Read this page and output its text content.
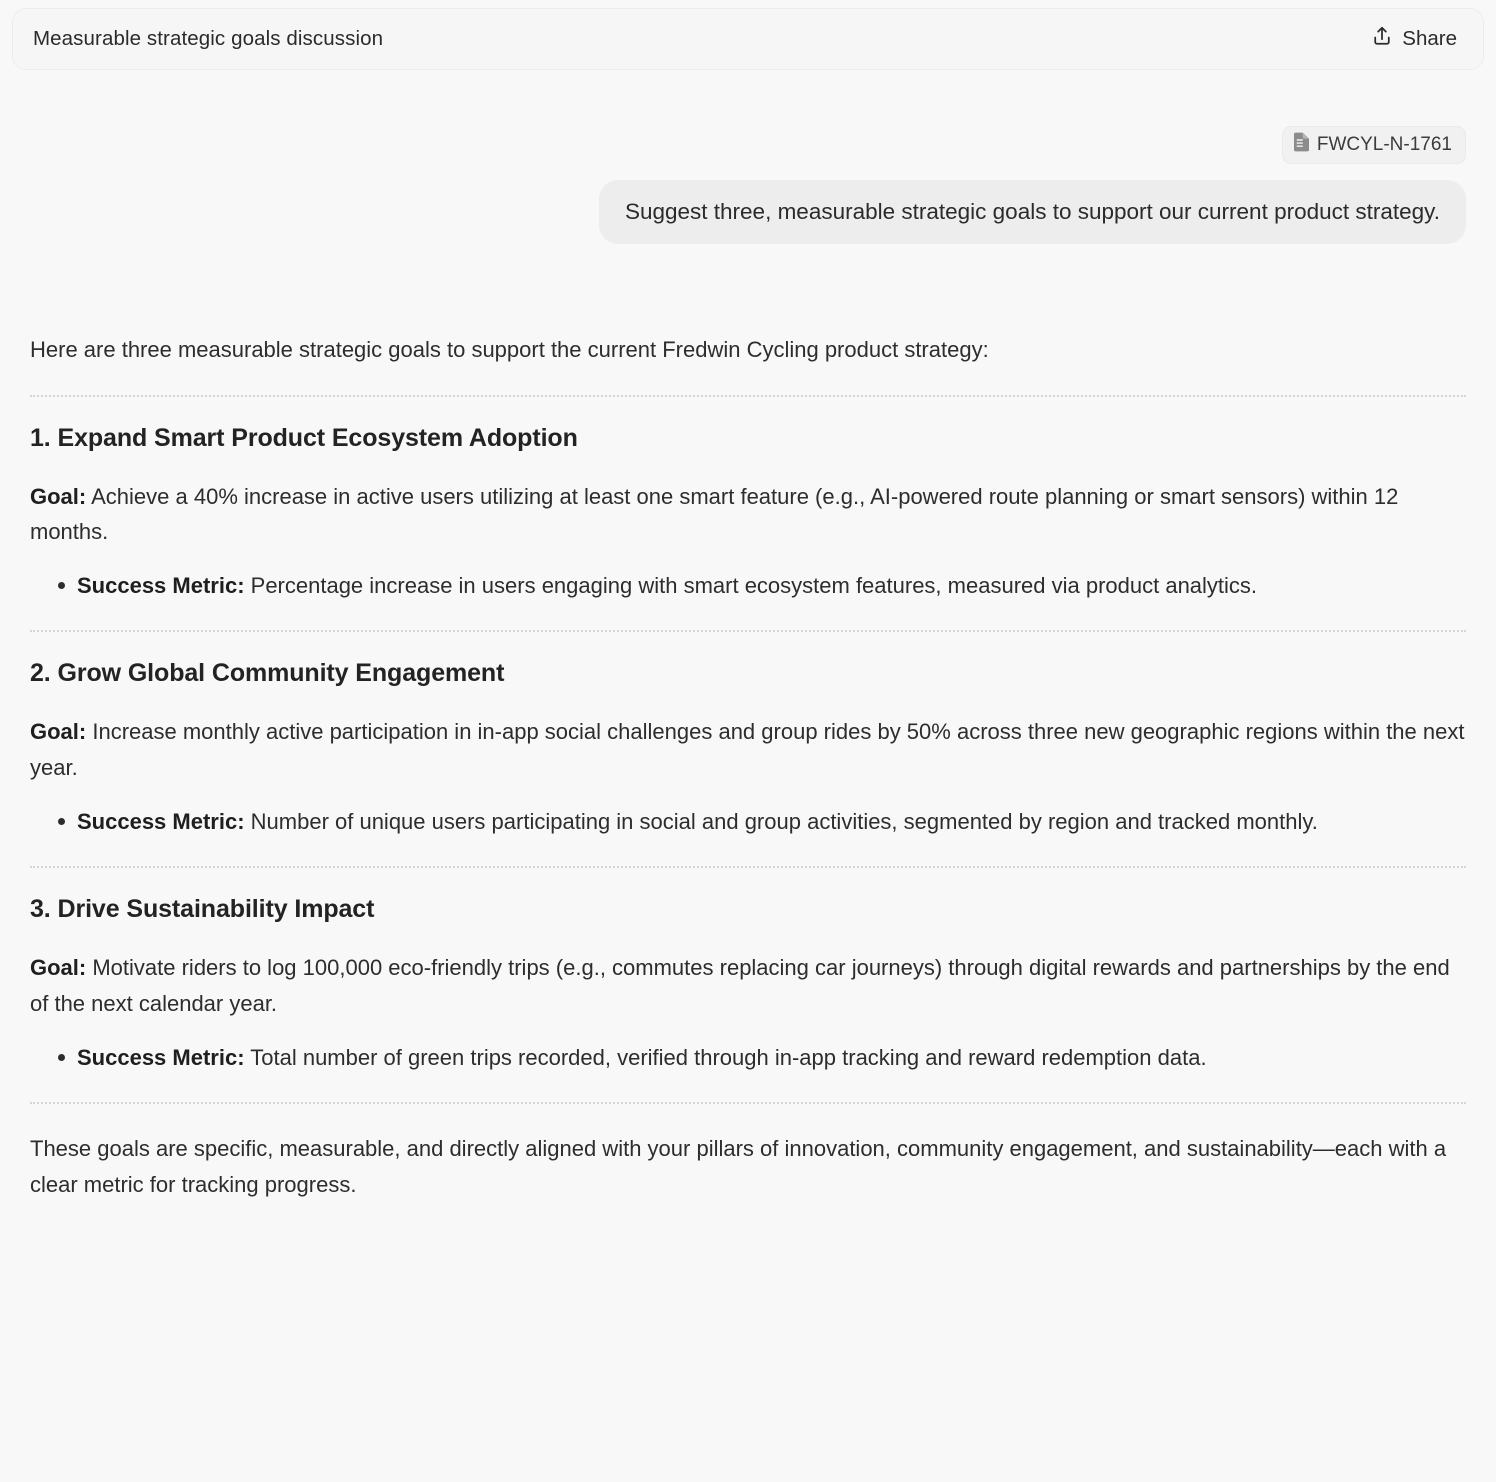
Measurable strategic goals discussion	Share
FWCYL-N-1761
Suggest three, measurable strategic goals to support our current product strategy.

Here are three measurable strategic goals to support the current Fredwin Cycling product strategy:

1. Expand Smart Product Ecosystem Adoption

Goal: Achieve a 40% increase in active users utilizing at least one smart feature (e.g., AI-powered route planning or smart sensors) within 12 months.

Success Metric: Percentage increase in users engaging with smart ecosystem features, measured via product analytics.
2. Grow Global Community Engagement

Goal: Increase monthly active participation in in-app social challenges and group rides by 50% across three new geographic regions within the next year.

Success Metric: Number of unique users participating in social and group activities, segmented by region and tracked monthly.
3. Drive Sustainability Impact

Goal: Motivate riders to log 100,000 eco-friendly trips (e.g., commutes replacing car journeys) through digital rewards and partnerships by the end of the next calendar year.

Success Metric: Total number of green trips recorded, verified through in-app tracking and reward redemption data.

These goals are specific, measurable, and directly aligned with your pillars of innovation, community engagement, and sustainability—each with a clear metric for tracking progress.
